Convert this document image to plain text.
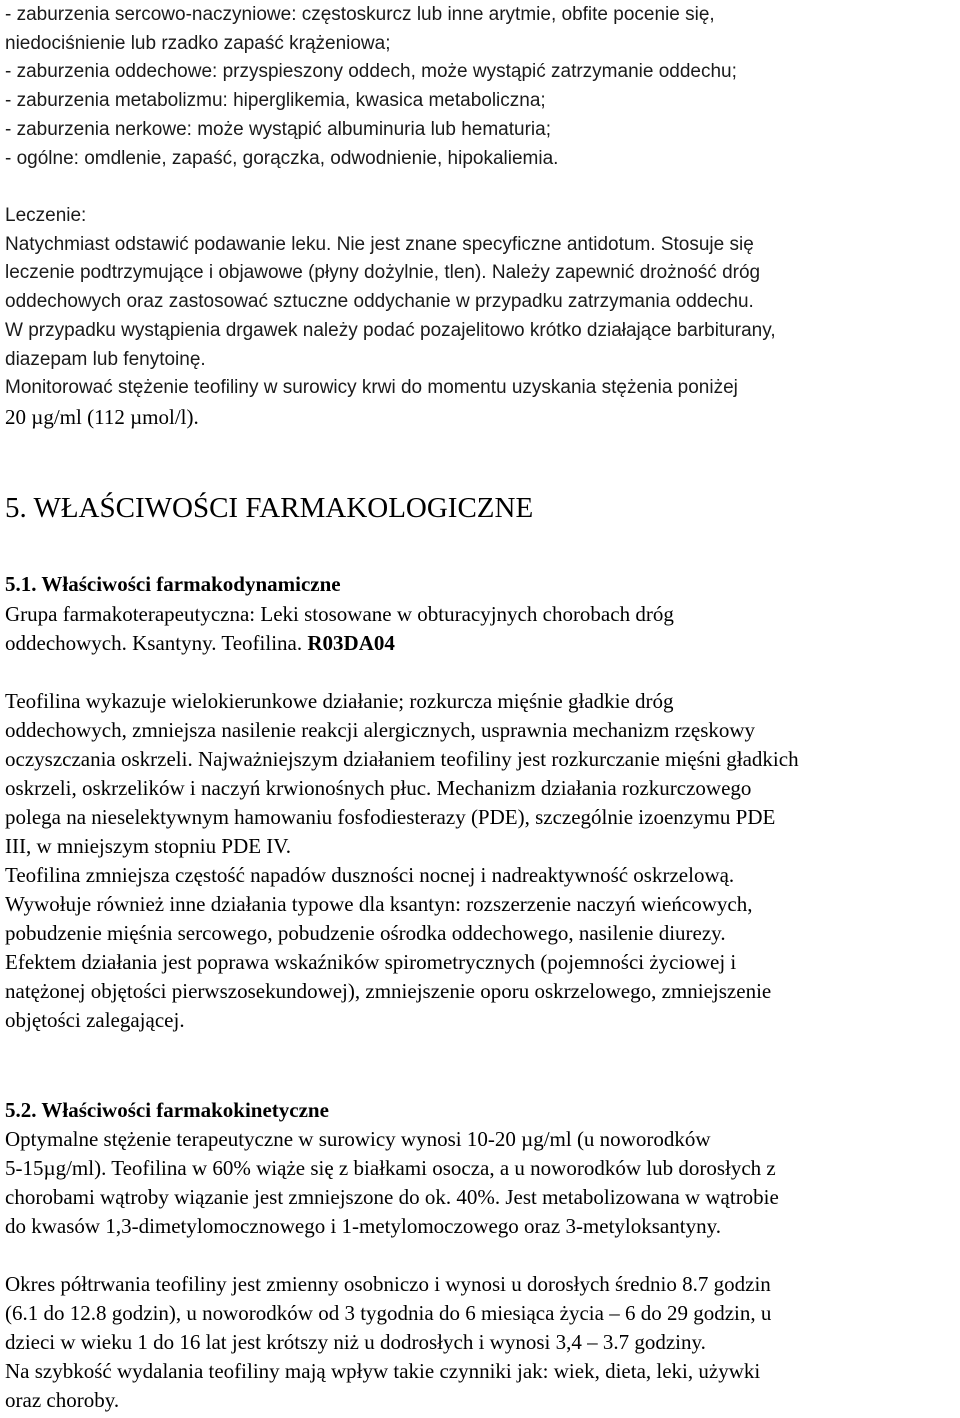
- zaburzenia sercowo-naczyniowe: częstoskurcz lub inne arytmie, obfite pocenie się,
niedociśnienie lub rzadko zapaść krążeniowa;
- zaburzenia oddechowe: przyspieszony oddech, może wystąpić zatrzymanie oddechu;
- zaburzenia metabolizmu: hiperglikemia, kwasica metaboliczna;
- zaburzenia nerkowe: może wystąpić albuminuria lub hematuria;
- ogólne: omdlenie, zapaść, gorączka, odwodnienie, hipokaliemia.
Leczenie:
Natychmiast odstawić podawanie leku. Nie jest znane specyficzne antidotum. Stosuje się
leczenie podtrzymujące i objawowe (płyny dożylnie, tlen). Należy zapewnić drożność dróg
oddechowych oraz zastosować sztuczne oddychanie w przypadku zatrzymania oddechu.
W przypadku wystąpienia drgawek należy podać pozajelitowo krótko działające barbiturany,
diazepam lub fenytoinę.
Monitorować stężenie teofiliny w surowicy krwi do momentu uzyskania stężenia poniżej
20 µg/ml (112 µmol/l).
5. WŁAŚCIWOŚCI FARMAKOLOGICZNE
5.1. Właściwości farmakodynamiczne
Grupa farmakoterapeutyczna: Leki stosowane w obturacyjnych chorobach dróg
oddechowych. Ksantyny. Teofilina. R03DA04
Teofilina wykazuje wielokierunkowe działanie; rozkurcza mięśnie gładkie dróg
oddechowych, zmniejsza nasilenie reakcji alergicznych, usprawnia mechanizm rzęskowy
oczyszczania oskrzeli. Najważniejszym działaniem teofiliny jest rozkurczanie mięśni gładkich
oskrzeli, oskrzelików i naczyń krwionośnych płuc. Mechanizm działania rozkurczowego
polega na nieselektywnym hamowaniu fosfodiesterazy (PDE), szczególnie izoenzymu PDE
III, w mniejszym stopniu PDE IV.
Teofilina zmniejsza częstość napadów duszności nocnej i nadreaktywność oskrzelową.
Wywołuje również inne działania typowe dla ksantyn: rozszerzenie naczyń wieńcowych,
pobudzenie mięśnia sercowego, pobudzenie ośrodka oddechowego, nasilenie diurezy.
Efektem działania jest poprawa wskaźników spirometrycznych (pojemności życiowej i
natężonej objętości pierwszosekundowej), zmniejszenie oporu oskrzelowego, zmniejszenie
objętości zalegającej.
5.2. Właściwości farmakokinetyczne
Optymalne stężenie terapeutyczne w surowicy wynosi 10-20 µg/ml (u noworodków
5-15µg/ml). Teofilina w 60% wiąże się z białkami osocza, a u noworodków lub dorosłych z
chorobami wątroby wiązanie jest zmniejszone do ok. 40%. Jest metabolizowana w wątrobie
do kwasów 1,3-dimetylomocznowego i 1-metylomoczowego oraz 3-metyloksantyny.
Okres półtrwania teofiliny jest zmienny osobniczo i wynosi u dorosłych średnio 8.7 godzin
(6.1 do 12.8 godzin), u noworodków od 3 tygodnia do 6 miesiąca życia – 6 do 29 godzin, u
dzieci w wieku 1 do 16 lat jest krótszy niż u dodrosłych i wynosi 3,4 – 3.7 godziny.
Na szybkość wydalania teofiliny mają wpływ takie czynniki jak: wiek, dieta, leki, używki
oraz choroby.
